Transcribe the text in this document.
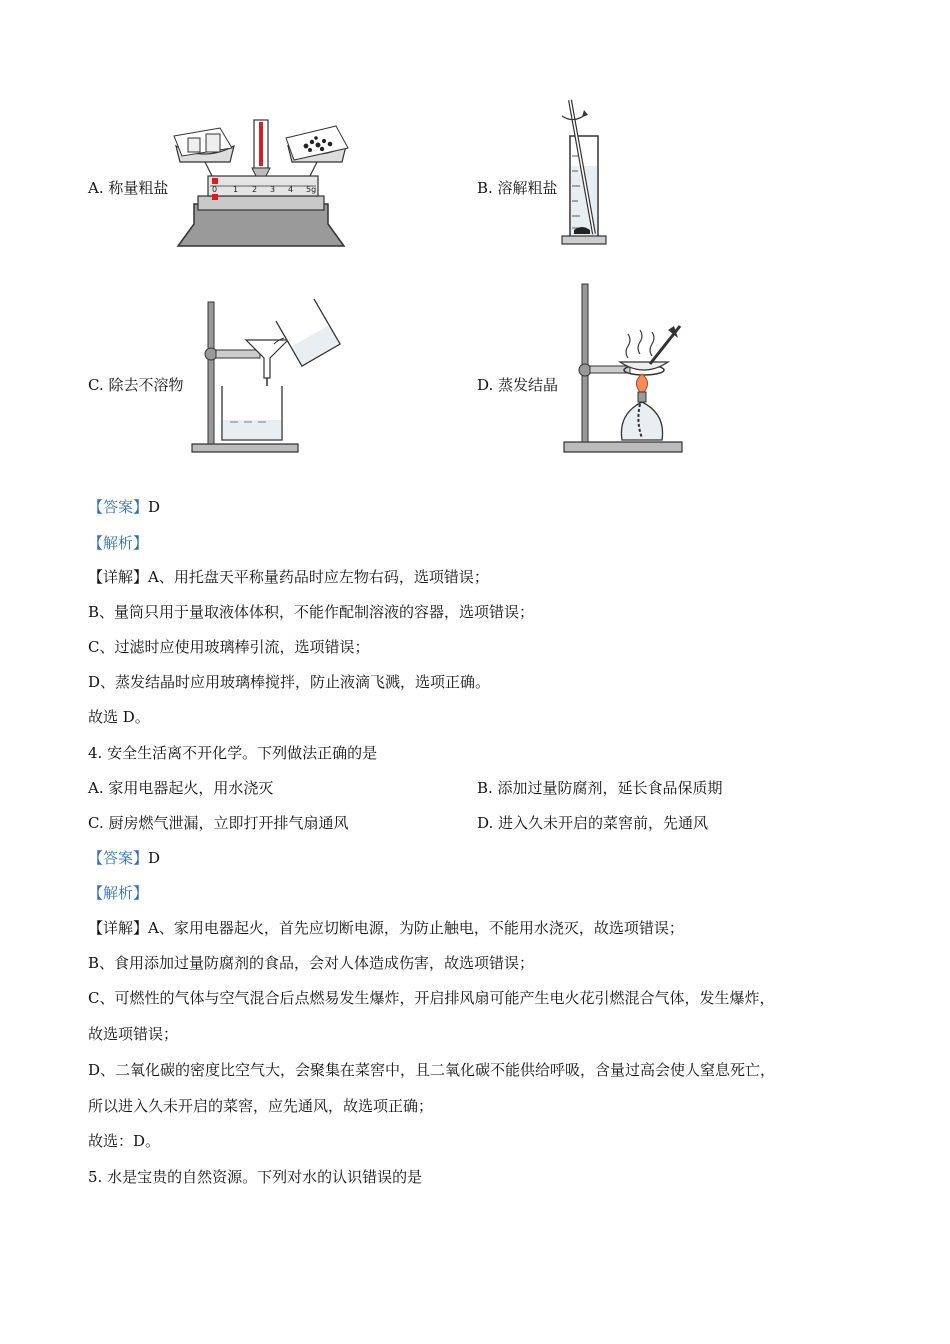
A. 称量粗盐	0 1 2 3 4 5g	B. 溶解粗盐
C. 除去不溶物	D. 蒸发结晶
【答案】D
【解析】
【详解】A、用托盘天平称量药品时应左物右码，选项错误；
B、量筒只用于量取液体体积，不能作配制溶液的容器，选项错误；
C、过滤时应使用玻璃棒引流，选项错误；
D、蒸发结晶时应用玻璃棒搅拌，防止液滴飞溅，选项正确。
故选 D。
4. 安全生活离不开化学。下列做法正确的是
A. 家用电器起火，用水浇灭	B. 添加过量防腐剂，延长食品保质期
C. 厨房燃气泄漏，立即打开排气扇通风	D. 进入久未开启的菜窖前，先通风
【答案】D
【解析】
【详解】A、家用电器起火，首先应切断电源，为防止触电，不能用水浇灭，故选项错误；
B、食用添加过量防腐剂的食品，会对人体造成伤害，故选项错误；
C、可燃性的气体与空气混合后点燃易发生爆炸，开启排风扇可能产生电火花引燃混合气体，发生爆炸，
故选项错误；
D、二氧化碳的密度比空气大，会聚集在菜窖中，且二氧化碳不能供给呼吸，含量过高会使人窒息死亡，
所以进入久未开启的菜窖，应先通风，故选项正确；
故选：D。
5. 水是宝贵的自然资源。下列对水的认识错误的是
